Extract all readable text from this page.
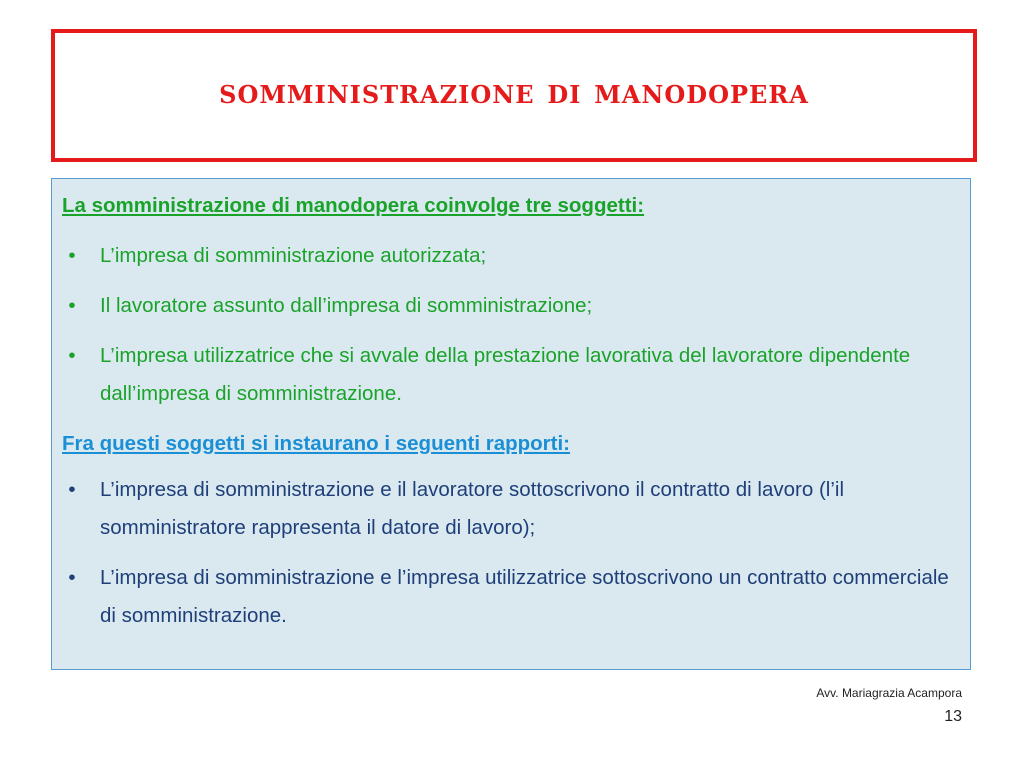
somministrazione di manodopera
La somministrazione di manodopera coinvolge tre soggetti:
•	L’impresa di somministrazione autorizzata;
•	Il lavoratore assunto dall’impresa di somministrazione;
•	L’impresa utilizzatrice che si avvale della prestazione lavorativa del lavoratore dipendente dall’impresa di somministrazione.
Fra questi soggetti si instaurano i seguenti rapporti:
•	L’impresa di somministrazione e il lavoratore sottoscrivono il contratto di lavoro (l’il somministratore rappresenta il datore di lavoro);
•	L’impresa di somministrazione e l’impresa utilizzatrice sottoscrivono un contratto commerciale di somministrazione.
Avv. Mariagrazia Acampora
13
